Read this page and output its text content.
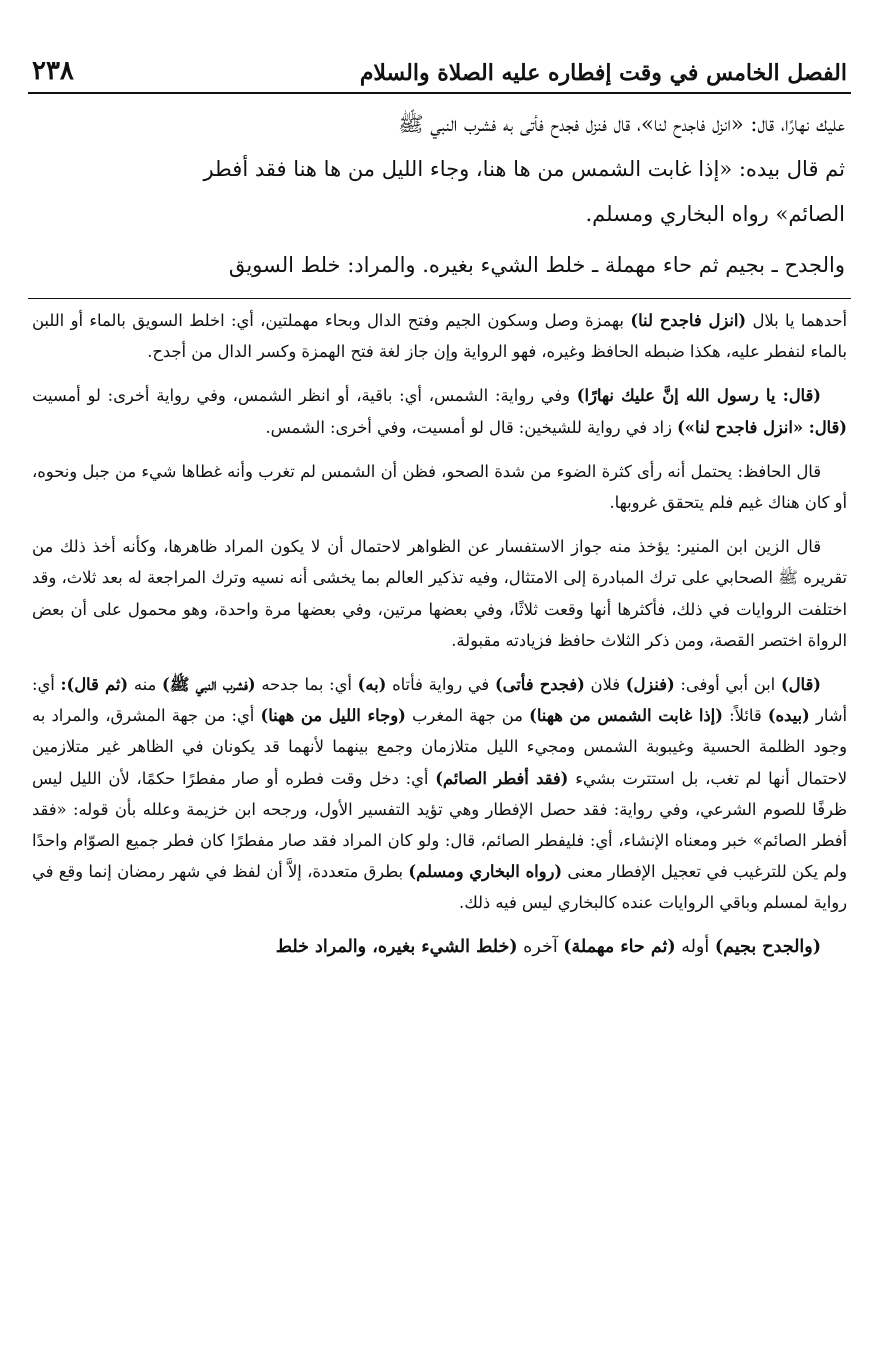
الفصل الخامس في وقت إفطاره عليه الصلاة والسلام
٢٣٨

عليك نهارًا، قال: «انزل فاجدح لنا»، قال فنزل فجدح فأتى به فشرب النبي ﷺ

ثم قال بيده: «إذا غابت الشمس من ها هنا، وجاء الليل من ها هنا فقد أفطر

الصائم» رواه البخاري ومسلم.

والجدح ـ بجيم ثم حاء مهملة ـ خلط الشيء بغيره. والمراد: خلط السويق

أحدهما يا بلال (انزل فاجدح لنا) بهمزة وصل وسكون الجيم وفتح الدال وبحاء مهملتين، أي: اخلط السويق بالماء أو اللبن بالماء لنفطر عليه، هكذا ضبطه الحافظ وغيره، فهو الرواية وإن جاز لغة فتح الهمزة وكسر الدال من أجدح.

(قال: يا رسول الله إنَّ عليك نهارًا) وفي رواية: الشمس، أي: باقية، أو انظر الشمس، وفي رواية أخرى: لو أمسيت (قال: «انزل فاجدح لنا») زاد في رواية للشيخين: قال لو أمسيت، وفي أخرى: الشمس.

قال الحافظ: يحتمل أنه رأى كثرة الضوء من شدة الصحو، فظن أن الشمس لم تغرب وأنه غطاها شيء من جبل ونحوه، أو كان هناك غيم فلم يتحقق غروبها.

قال الزين ابن المنير: يؤخذ منه جواز الاستفسار عن الظواهر لاحتمال أن لا يكون المراد ظاهرها، وكأنه أخذ ذلك من تقريره ﷺ الصحابي على ترك المبادرة إلى الامتثال، وفيه تذكير العالم بما يخشى أنه نسيه وترك المراجعة له بعد ثلاث، وقد اختلفت الروايات في ذلك، فأكثرها أنها وقعت ثلاثًا، وفي بعضها مرتين، وفي بعضها مرة واحدة، وهو محمول على أن بعض الرواة اختصر القصة، ومن ذكر الثلاث حافظ فزيادته مقبولة.

(قال) ابن أبي أوفى: (فنزل) فلان (فجدح فأتى) في رواية فأتاه (به) أي: بما جدحه (فشرب النبي ﷺ) منه (ثم قال): أي: أشار (بيده) قائلاً: (إذا غابت الشمس من ههنا) من جهة المغرب (وجاء الليل من ههنا) أي: من جهة المشرق، والمراد به وجود الظلمة الحسية وغيبوبة الشمس ومجيء الليل متلازمان وجمع بينهما لأنهما قد يكونان في الظاهر غير متلازمين لاحتمال أنها لم تغب، بل استترت بشيء (فقد أفطر الصائم) أي: دخل وقت فطره أو صار مفطرًا حكمًا، لأن الليل ليس ظرفًا للصوم الشرعي، وفي رواية: فقد حصل الإفطار وهي تؤيد التفسير الأول، ورجحه ابن خزيمة وعلله بأن قوله: «فقد أفطر الصائم» خبر ومعناه الإنشاء، أي: فليفطر الصائم، قال: ولو كان المراد فقد صار مفطرًا كان فطر جميع الصوّام واحدًا ولم يكن للترغيب في تعجيل الإفطار معنى (رواه البخاري ومسلم) بطرق متعددة، إلاَّ أن لفظ في شهر رمضان إنما وقع في رواية لمسلم وباقي الروايات عنده كالبخاري ليس فيه ذلك.

(والجدح بجيم) أوله (ثم حاء مهملة) آخره (خلط الشيء بغيره، والمراد خلط
